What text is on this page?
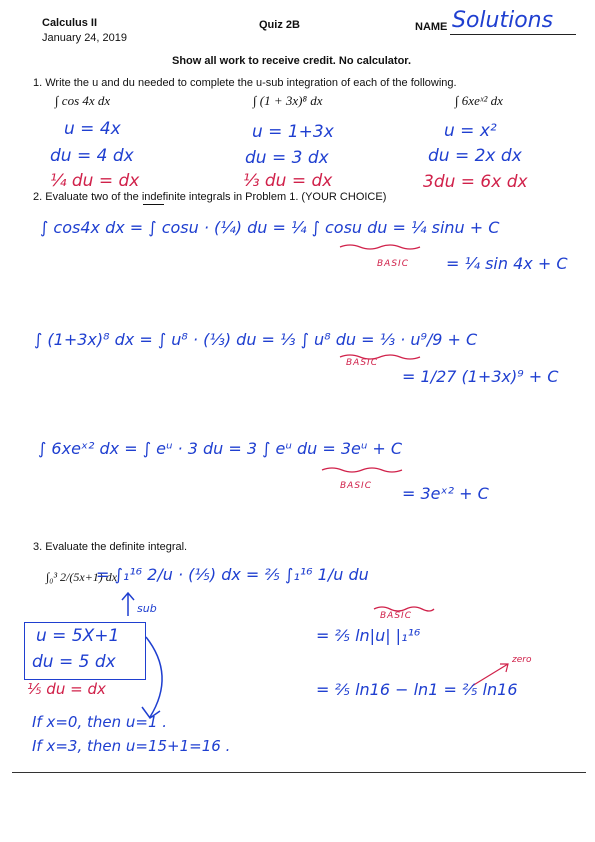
Calculus II
January 24, 2019
Quiz 2B	NAME Solutions
Show all work to receive credit. No calculator.
1. Write the u and du needed to complete the u-sub integration of each of the following.
∫ cos 4x dx
u = 4x
du = 4 dx
¼ du = dx
∫ (1 + 3x)⁸ dx
u = 1+3x
du = 3 dx
⅓ du = dx
∫ 6xeˣ² dx
u = x²
du = 2x dx
3du = 6x dx
2. Evaluate two of the indefinite integrals in Problem 1. (YOUR CHOICE)
∫ cos4x dx = ∫ cosu · (¼) du = ¼ ∫ cosu du = ¼ sinu + C
BASIC = ¼ sin 4x + C
∫ (1+3x)⁸ dx = ∫ u⁸ · (⅓) du = ⅓ ∫ u⁸ du = ⅓ · u⁹/9 + C
BASIC
= 1/27 (1+3x)⁹ + C
∫ 6xeˣ² dx = ∫ eᵘ · 3 du = 3 ∫ eᵘ du = 3eᵘ + C
BASIC = 3eˣ² + C
3. Evaluate the definite integral.
∫₀³ 2/(5x+1) dx
= ∫₁¹⁶ 2/u · (⅕) dx = ⅖ ∫₁¹⁶ 1/u du
sub
BASIC
= ⅖ ln|u| |₁¹⁶
zero
= ⅖ ln16 − ln1 = ⅖ ln16
u = 5X+1
du = 5 dx
⅕ du = dx
If x=0, then u=1 .
If x=3, then u=15+1=16 .
